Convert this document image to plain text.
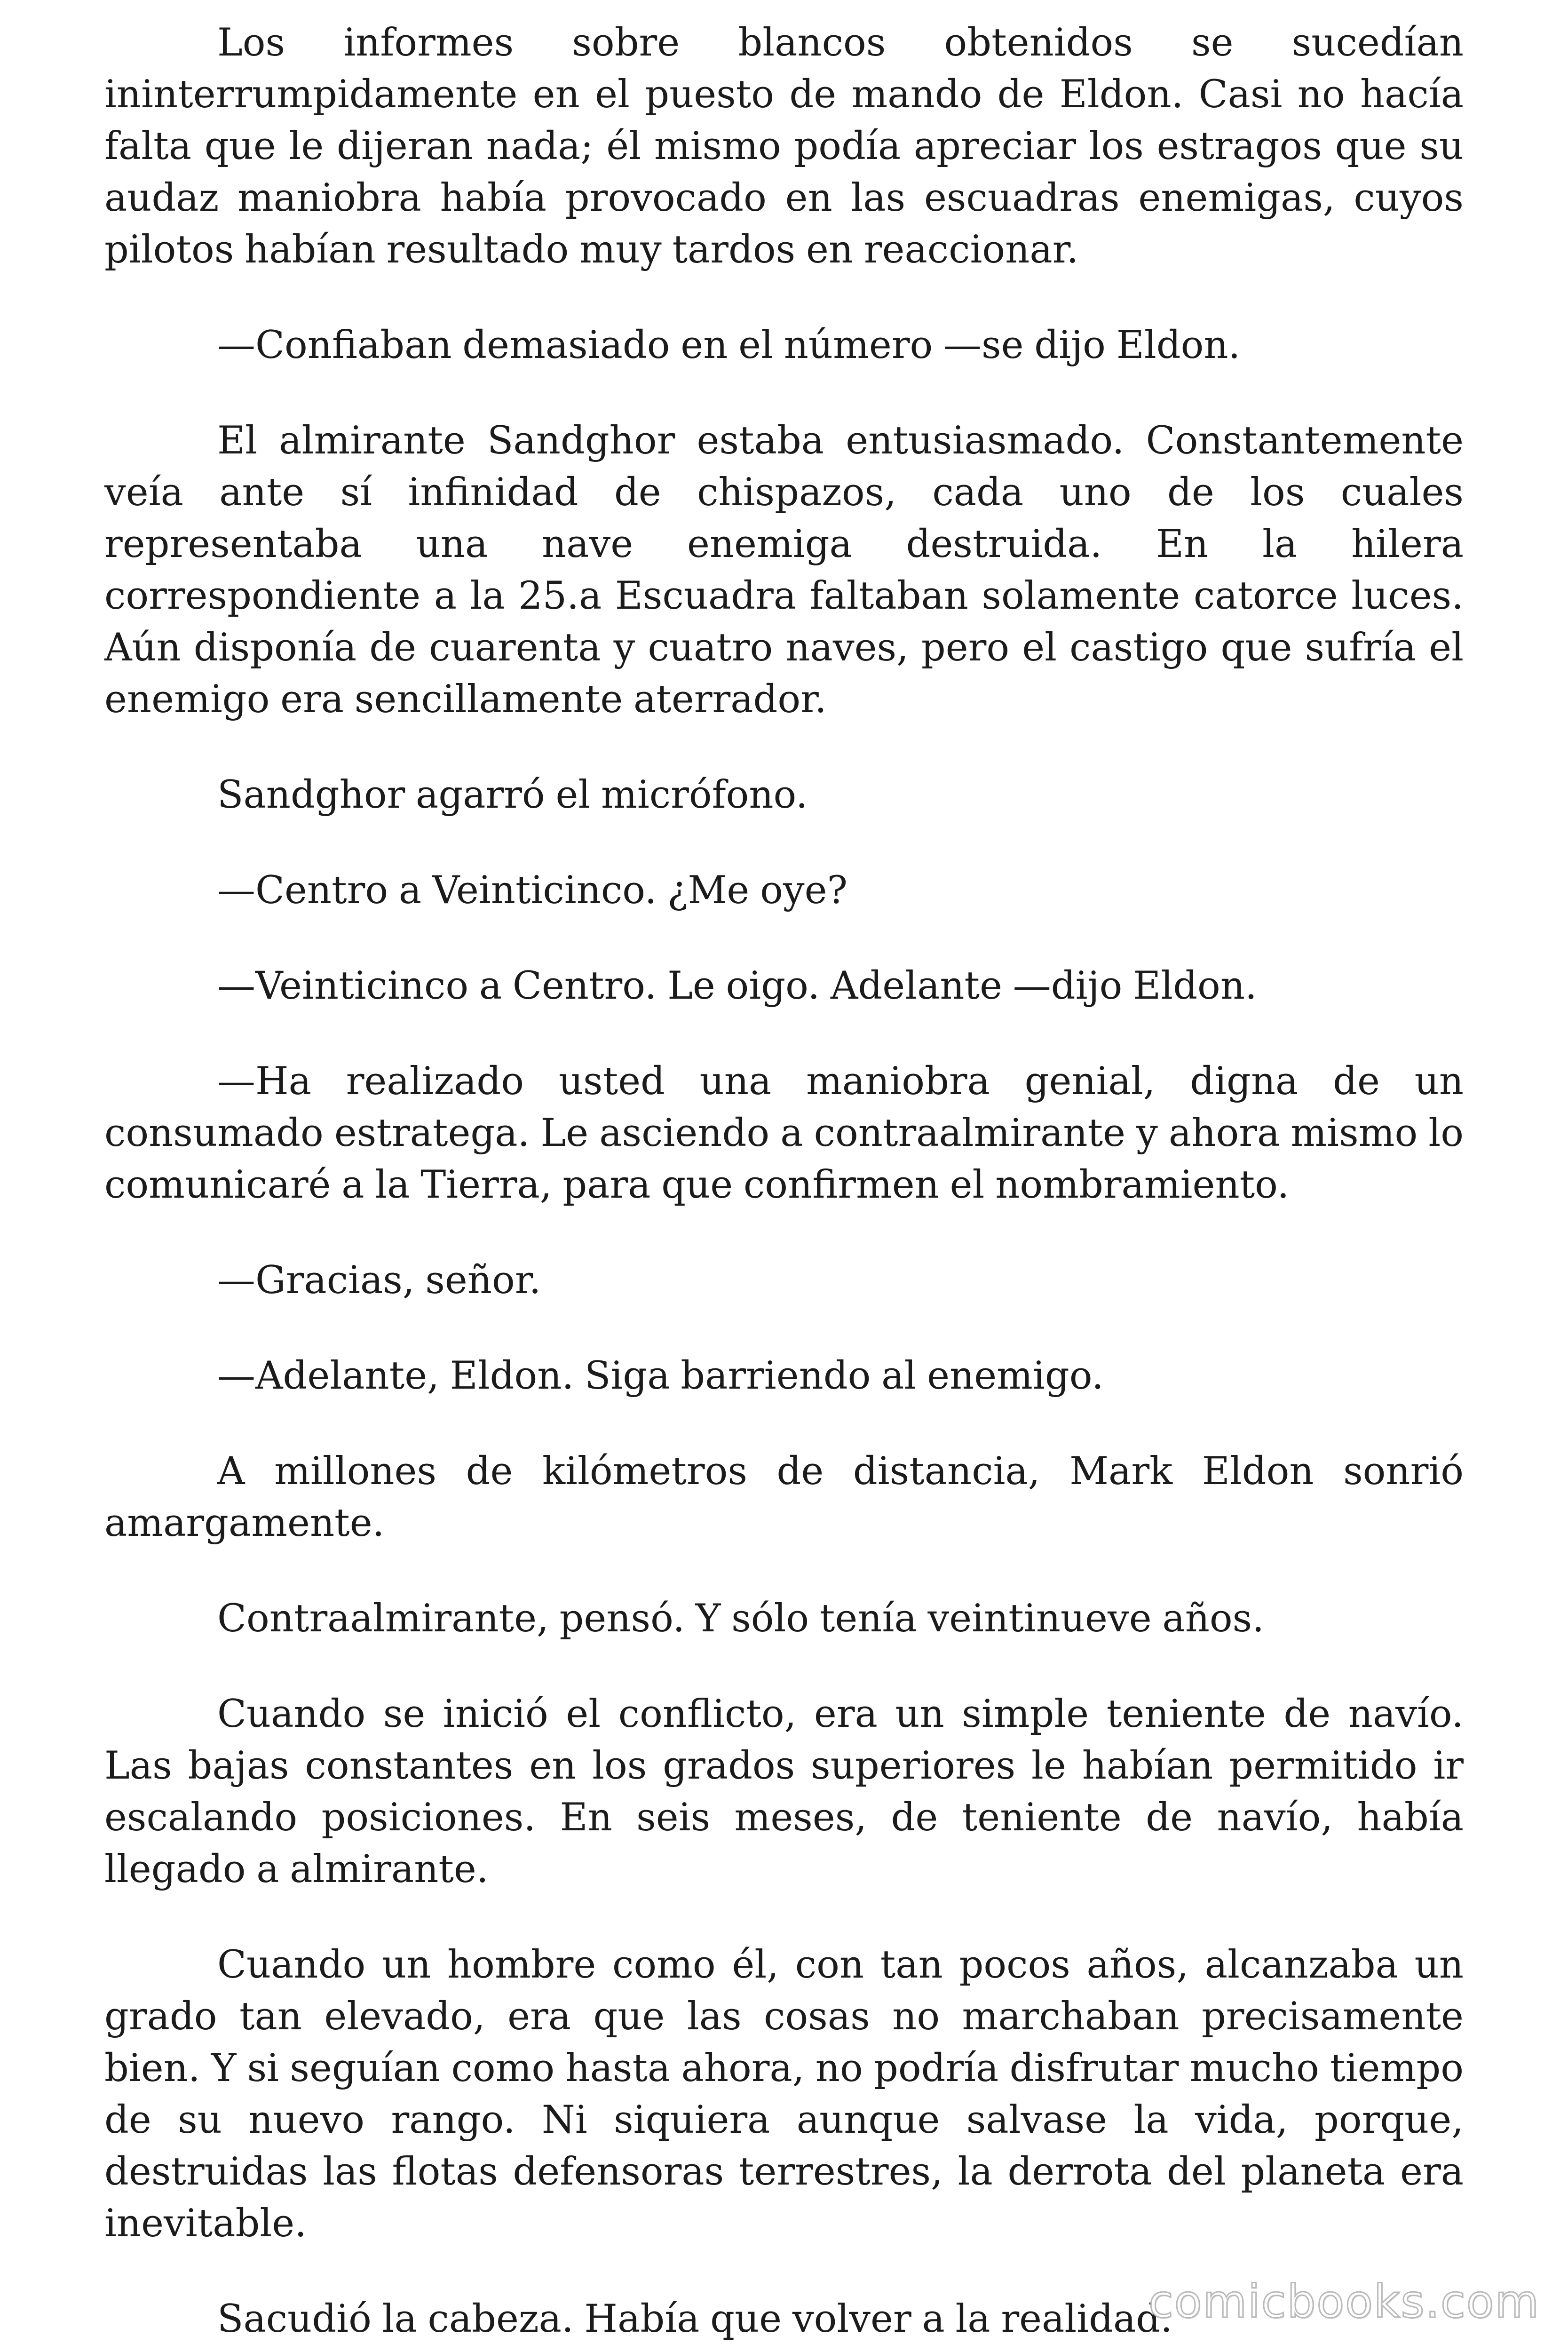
Los informes sobre blancos obtenidos se sucedían ininterrumpidamente en el puesto de mando de Eldon. Casi no hacía falta que le dijeran nada; él mismo podía apreciar los estragos que su audaz maniobra había provocado en las escuadras enemigas, cuyos pilotos habían resultado muy tardos en reaccionar.

—Confiaban demasiado en el número —se dijo Eldon.

El almirante Sandghor estaba entusiasmado. Constantemente veía ante sí infinidad de chispazos, cada uno de los cuales representaba una nave enemiga destruida. En la hilera correspondiente a la 25.a Escuadra faltaban solamente catorce luces. Aún disponía de cuarenta y cuatro naves, pero el castigo que sufría el enemigo era sencillamente aterrador.

Sandghor agarró el micrófono.

—Centro a Veinticinco. ¿Me oye?

—Veinticinco a Centro. Le oigo. Adelante —dijo Eldon.

—Ha realizado usted una maniobra genial, digna de un consumado estratega. Le asciendo a contraalmirante y ahora mismo lo comunicaré a la Tierra, para que confirmen el nombramiento.

—Gracias, señor.

—Adelante, Eldon. Siga barriendo al enemigo.

A millones de kilómetros de distancia, Mark Eldon sonrió amargamente.

Contraalmirante, pensó. Y sólo tenía veintinueve años.

Cuando se inició el conflicto, era un simple teniente de navío. Las bajas constantes en los grados superiores le habían permitido ir escalando posiciones. En seis meses, de teniente de navío, había llegado a almirante.

Cuando un hombre como él, con tan pocos años, alcanzaba un grado tan elevado, era que las cosas no marchaban precisamente bien. Y si seguían como hasta ahora, no podría disfrutar mucho tiempo de su nuevo rango. Ni siquiera aunque salvase la vida, porque, destruidas las flotas defensoras terrestres, la derrota del planeta era inevitable.

Sacudió la cabeza. Había que volver a la realidad.

comicbooks.com
